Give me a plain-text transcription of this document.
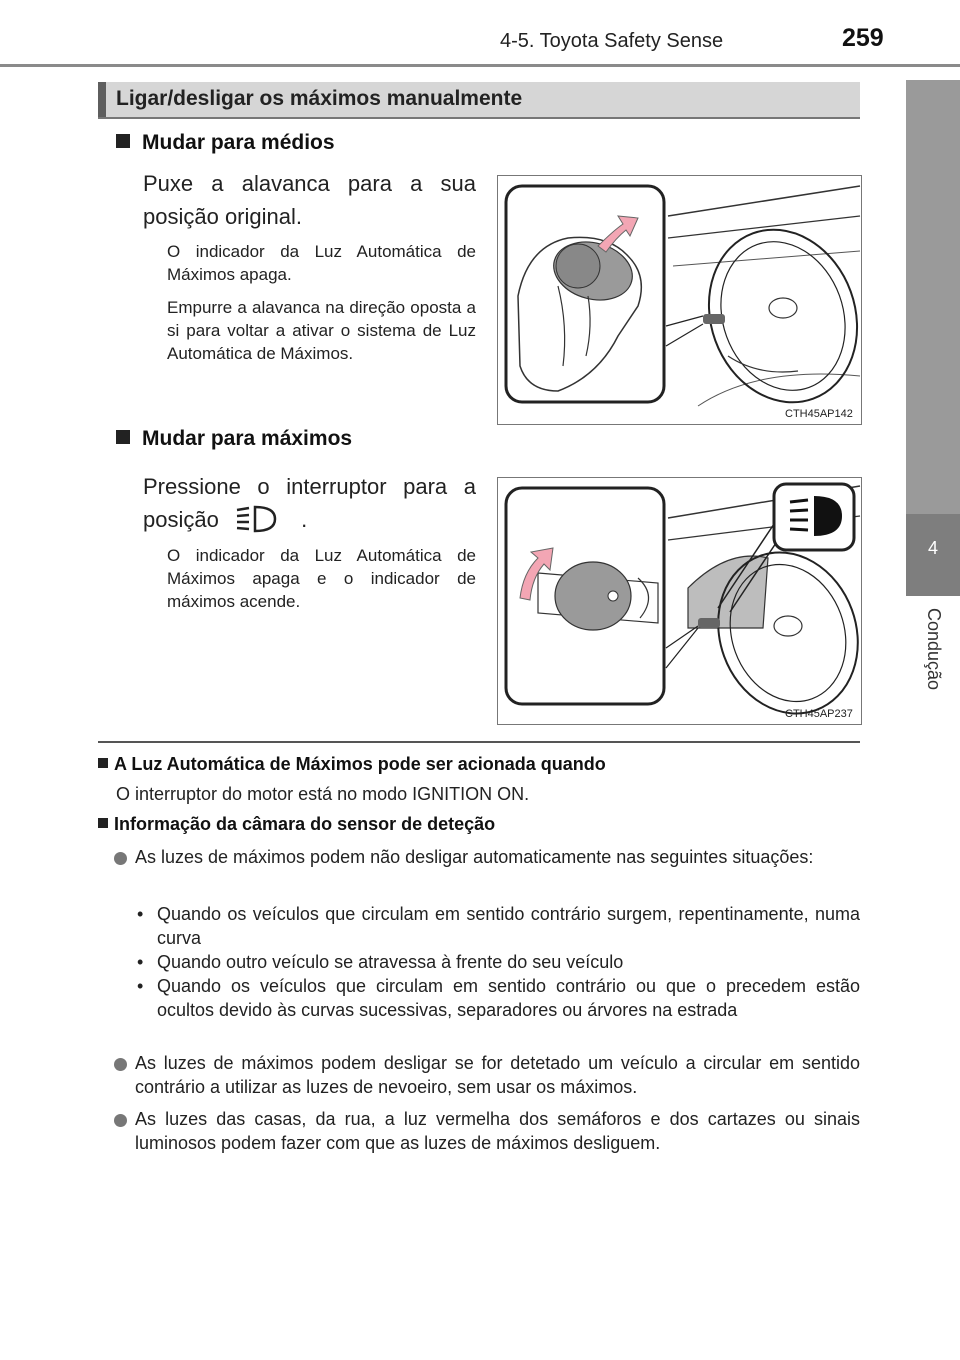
4-5. Toyota Safety Sense	259
4
Condução
Ligar/desligar os máximos manualmente
Mudar para médios
Puxe a alavanca para a sua posição original.
O indicador da Luz Automática de Máximos apaga.
Empurre a alavanca na direção oposta a si para voltar a ativar o sistema de Luz Automática de Máximos.
CTH45AP142
Mudar para máximos
Pressione o interruptor para a
posição	.
O indicador da Luz Automática de Máximos apaga e o indicador de máximos acende.
CTH45AP237
A Luz Automática de Máximos pode ser acionada quando
O interruptor do motor está no modo IGNITION ON.
Informação da câmara do sensor de deteção
As luzes de máximos podem não desligar automaticamente nas seguintes situações:
• Quando os veículos que circulam em sentido contrário surgem, repentinamente, numa curva
• Quando outro veículo se atravessa à frente do seu veículo
• Quando os veículos que circulam em sentido contrário ou que o precedem estão ocultos devido às curvas sucessivas, separadores ou árvores na estrada
As luzes de máximos podem desligar se for detetado um veículo a circular em sentido contrário a utilizar as luzes de nevoeiro, sem usar os máximos.
As luzes das casas, da rua, a luz vermelha dos semáforos e dos cartazes ou sinais luminosos podem fazer com que as luzes de máximos desliguem.
